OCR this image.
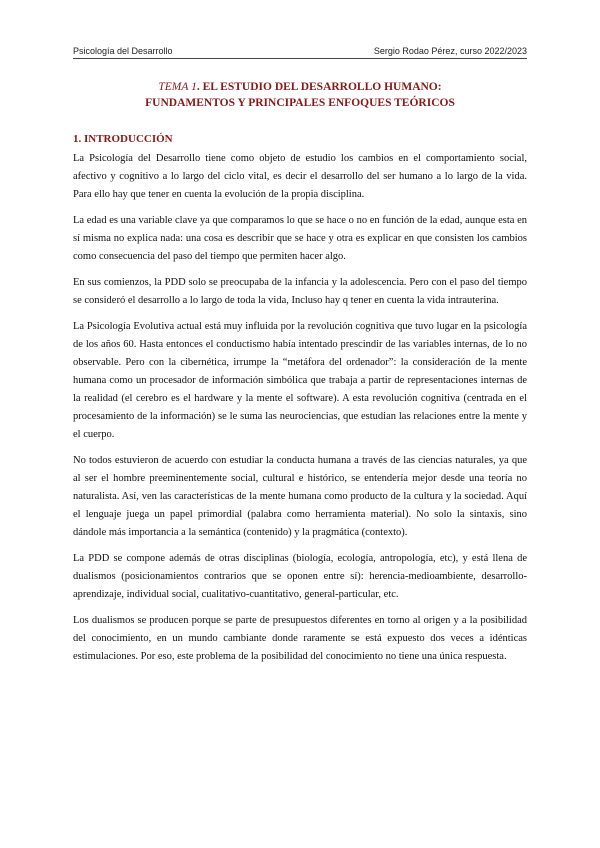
Psicología del Desarrollo	Sergio Rodao Pérez, curso 2022/2023
TEMA 1. EL ESTUDIO DEL DESARROLLO HUMANO:
FUNDAMENTOS Y PRINCIPALES ENFOQUES TEÓRICOS
1. INTRODUCCIÓN

La Psicología del Desarrollo tiene como objeto de estudio los cambios en el comportamiento social, afectivo y cognitivo a lo largo del ciclo vital, es decir el desarrollo del ser humano a lo largo de la vida. Para ello hay que tener en cuenta la evolución de la propia disciplina.

La edad es una variable clave ya que comparamos lo que se hace o no en función de la edad, aunque esta en sí misma no explica nada: una cosa es describir que se hace y otra es explicar en que consisten los cambios como consecuencia del paso del tiempo que permiten hacer algo.

En sus comienzos, la PDD solo se preocupaba de la infancia y la adolescencia. Pero con el paso del tiempo se consideró el desarrollo a lo largo de toda la vida, Incluso hay q tener en cuenta la vida intrauterina.

La Psicología Evolutiva actual está muy influida por la revolución cognitiva que tuvo lugar en la psicología de los años 60. Hasta entonces el conductismo había intentado prescindir de las variables internas, de lo no observable. Pero con la cibernética, irrumpe la “metáfora del ordenador”: la consideración de la mente humana como un procesador de información simbólica que trabaja a partir de representaciones internas de la realidad (el cerebro es el hardware y la mente el software). A esta revolución cognitiva (centrada en el procesamiento de la información) se le suma las neurociencias, que estudian las relaciones entre la mente y el cuerpo.

No todos estuvieron de acuerdo con estudiar la conducta humana a través de las ciencias naturales, ya que al ser el hombre preeminentemente social, cultural e histórico, se entendería mejor desde una teoría no naturalista. Así, ven las características de la mente humana como producto de la cultura y la sociedad. Aquí el lenguaje juega un papel primordial (palabra como herramienta material). No solo la sintaxis, sino dándole más importancia a la semántica (contenido) y la pragmática (contexto).

La PDD se compone además de otras disciplinas (biología, ecología, antropología, etc), y está llena de dualismos (posicionamientos contrarios que se oponen entre sí): herencia-medioambiente, desarrollo-aprendizaje, individual social, cualitativo-cuantitativo, general-particular, etc.

Los dualismos se producen porque se parte de presupuestos diferentes en torno al origen y a la posibilidad del conocimiento, en un mundo cambiante donde raramente se está expuesto dos veces a idénticas estimulaciones. Por eso, este problema de la posibilidad del conocimiento no tiene una única respuesta.
